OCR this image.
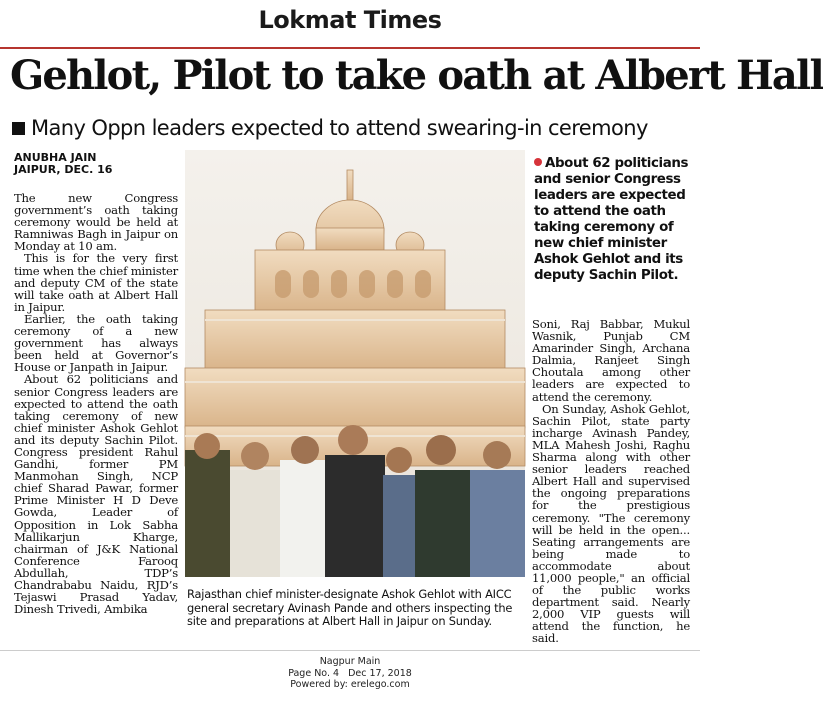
Lokmat Times
Gehlot, Pilot to take oath at Albert Hall
Many Oppn leaders expected to attend swearing-in ceremony
ANUBHA JAIN
JAIPUR, DEC. 16

The new Congress government’s oath taking ceremony would be held at Ramniwas Bagh in Jaipur on Monday at 10 am.

This is for the very first time when the chief minister and deputy CM of the state will take oath at Albert Hall in Jaipur.

Earlier, the oath taking ceremony of a new government has always been held at Governor’s House or Janpath in Jaipur.

About 62 politicians and senior Congress leaders are expected to attend the oath taking ceremony of new chief minister Ashok Gehlot and its deputy Sachin Pilot. Congress president Rahul Gandhi, former PM Manmohan Singh, NCP chief Sharad Pawar, former Prime Minister H D Deve Gowda, Leader of Opposition in Lok Sabha Mallikarjun Kharge, chairman of J&K National Conference Farooq Abdullah, TDP’s Chandrababu Naidu, RJD’s Tejaswi Prasad Yadav, Dinesh Trivedi, Ambika

Rajasthan chief minister-designate Ashok Gehlot with AICC general secretary Avinash Pande and others inspecting the site and preparations at Albert Hall in Jaipur on Sunday.
About 62 politicians and senior Congress leaders are expected to attend the oath taking ceremony of new chief minister Ashok Gehlot and its deputy Sachin Pilot.

Soni, Raj Babbar, Mukul Wasnik, Punjab CM Amarinder Singh, Archana Dalmia, Ranjeet Singh Choutala among other leaders are expected to attend the ceremony.

On Sunday, Ashok Gehlot, Sachin Pilot, state party incharge Avinash Pandey, MLA Mahesh Joshi, Raghu Sharma along with other senior leaders reached Albert Hall and supervised the ongoing preparations for the prestigious ceremony. "The ceremony will be held in the open... Seating arrangements are being made to accommodate about 11,000 people," an official of the public works department said. Nearly 2,000 VIP guests will attend the function, he said.

Nagpur Main
Page No. 4   Dec 17, 2018
Powered by: erelego.com
